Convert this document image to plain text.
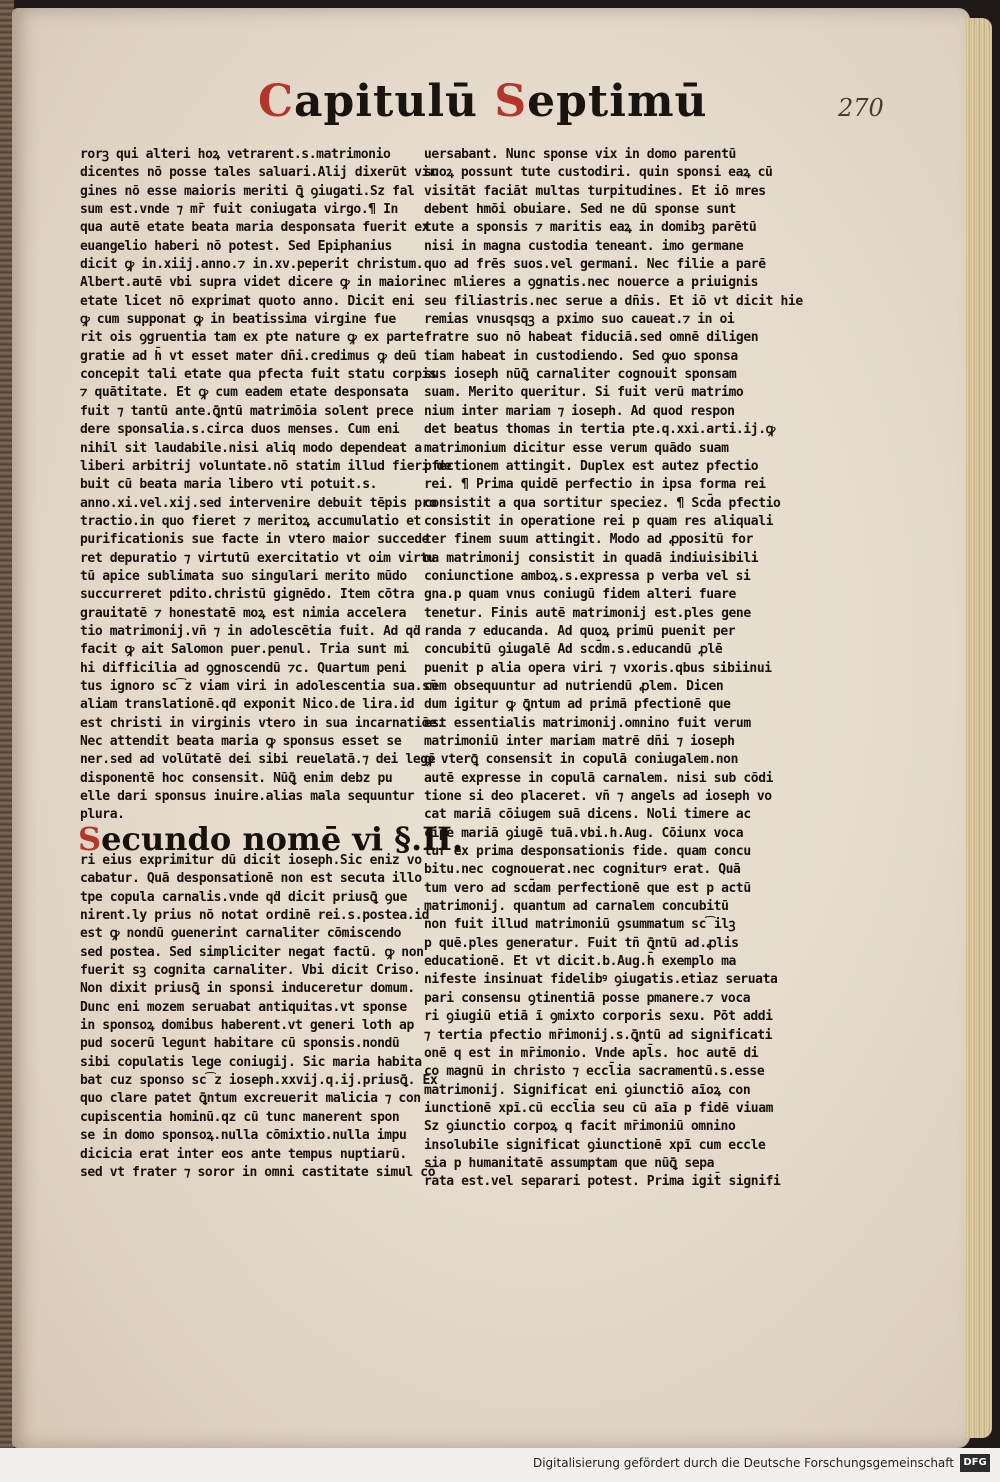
Capitulū Septimū	270
rorꝫ qui alteri hoꝝ vetrarent.s.matrimonio
dicentes nō posse tales saluari.Alij dixerūt vir
gines nō esse maioris meriti ꝗ̄ ꝯiugati.Sz fal
sum est.vnde ⁊ mr̄ fuit coniugata virgo.¶ In
qua autē etate beata maria desponsata fuerit ex
euangelio haberi nō potest. Sed Epiphanius
dicit ꝙ in.xiij.anno.⁊ in.xv.peperit christum.
Albert.autē vbi supra videt dicere ꝙ in maiori
etate licet nō exprimat quoto anno. Dicit eni
ꝙ cum supponat ꝙ in beatissima virgine fue
rit ois ꝯgruentia tam ex pte nature ꝙ ex parte
gratie ad h̄ vt esset mater dn̄i.credimus ꝙ deū
concepit tali etate qua pfecta fuit statu corpis
⁊ quātitate. Et ꝙ cum eadem etate desponsata
fuit ⁊ tantū ante.ꝗ̄ntū matrimōia solent prece
dere sponsalia.s.circa duos menses. Cum eni
nihil sit laudabile.nisi aliq modo dependeat a
liberi arbitrij voluntate.nō statim illud fieri de
buit cū beata maria libero vti potuit.s.
anno.xi.vel.xij.sed intervenire debuit tēpis pro
tractio.in quo fieret ⁊ meritoꝝ accumulatio et
purificationis sue facte in vtero maior succede
ret depuratio ⁊ virtutū exercitatio vt oim virtu
tū apice sublimata suo singulari merito mūdo
succurreret pdito.christū gignēdo. Item cōtra
grauitatē ⁊ honestatē moꝝ est nimia accelera
tio matrimonij.vn̄ ⁊ in adolescētia fuit. Ad qḋ
facit ꝙ ait Salomon puer.penul. Tria sunt mi
hi difficilia ad ꝯgnoscendū ⁊c. Quartum peni
tus ignoro sc͡z viam viri in adolescentia sua.sm̄
aliam translationē.qḋ exponit Nico.de lira.id
est christi in virginis vtero in sua incarnatiōe.
Nec attendit beata maria ꝙ sponsus esset se
ner.sed ad volūtatē dei sibi reuelatā.⁊ dei legē
disponentē hoc consensit. Nūꝗ̄ enim debz pu
elle dari sponsus inuire.alias mala sequuntur
plura.
Secundo nomē vi §.II.
ri eius exprimitur dū dicit ioseph.Sic eniz vo
cabatur. Quā desponsationē non est secuta illo
tpe copula carnalis.vnde qḋ dicit priusꝗ̄ ꝯue
nirent.ly prius nō notat ordinē rei.s.postea.id
est ꝙ nondū ꝯuenerint carnaliter cōmiscendo
sed postea. Sed simpliciter negat factū. ꝙ non
fuerit sꝫ cognita carnaliter. Vbi dicit Criso.
Non dixit priusꝗ̄ in sponsi induceretur domum.
Dunc eni mozem seruabat antiquitas.vt sponse
in sponsoꝝ domibus haberent.vt generi loth ap
pud socerū legunt habitare cū sponsis.nondū
sibi copulatis lege coniugij. Sic maria habita
bat cuz sponso sc͡z ioseph.xxvij.q.ij.priusꝗ̄. Ex
quo clare patet ꝗ̄ntum excreuerit malicia ⁊ con
cupiscentia hominū.qz cū tunc manerent spon
se in domo sponsoꝝ.nulla cōmixtio.nulla impu
dicicia erat inter eos ante tempus nuptiarū.
sed vt frater ⁊ soror in omni castitate simul cō
uersabant. Nunc sponse vix in domo parentū
suoꝝ possunt tute custodiri. quin sponsi eaꝝ cū
visitāt faciāt multas turpitudines. Et iō mres
debent hmōi obuiare. Sed ne dū sponse sunt
tute a sponsis ⁊ maritis eaꝝ in domibꝫ parētū
nisi in magna custodia teneant. imo germane
quo ad frēs suos.vel germani. Nec filie a parē
nec mlieres a ꝯgnatis.nec nouerce a priuignis
seu filiastris.nec serue a dn̄is. Et iō vt dicit hie
remias vnusqsqꝫ a pximo suo caueat.⁊ in oi
fratre suo nō habeat fiduciā.sed omnē diligen
tiam habeat in custodiendo. Sed ꝙuo sponsa
sus ioseph nūꝗ̄ carnaliter cognouit sponsam
suam. Merito queritur. Si fuit verū matrimo
nium inter mariam ⁊ ioseph. Ad quod respon
det beatus thomas in tertia pte.q.xxi.arti.ij.ꝙ
matrimonium dicitur esse verum quādo suam
pfectionem attingit. Duplex est autez pfectio
rei. ¶ Prima quidē perfectio in ipsa forma rei
consistit a qua sortitur speciez. ¶ Scd̄a pfectio
consistit in operatione rei p quam res aliquali
ter finem suum attingit. Modo ad ꝓpositū for
ma matrimonij consistit in quadā indiuisibili
coniunctione amboꝝ.s.expressa p verba vel si
gna.p quam vnus coniugū fidem alteri fuare
tenetur. Finis autē matrimonij est.ples gene
randa ⁊ educanda. Ad quoꝝ primū puenit per
concubitū ꝯiugalē Ad scd̄m.s.educandū ꝓlē
puenit p alia opera viri ⁊ vxoris.qbus sibiinui
cem obsequuntur ad nutriendū ꝓlem. Dicen
dum igitur ꝙ ꝗ̄ntum ad primā pfectionē que
est essentialis matrimonij.omnino fuit verum
matrimoniū inter mariam matrē dn̄i ⁊ ioseph
ꝙ vterꝗ̄ consensit in copulā coniugalem.non
autē expresse in copulā carnalem. nisi sub cōdi
tione si deo placeret. vn̄ ⁊ angels ad ioseph vo
cat mariā cōiugem suā dicens. Noli timere ac
cipe mariā ꝯiugē tuā.vbi.h.Aug. Cōiunx voca
tur ex prima desponsationis fide. quam concu
bitu.nec cognouerat.nec cogniturꝰ erat. Quā
tum vero ad scd̄am perfectionē que est p actū
matrimonij. quantum ad carnalem concubitū
non fuit illud matrimoniū ꝯsummatum sc͡ilꝫ
p quē.ples generatur. Fuit tn̄ ꝗ̄ntū ad.ꝓlis
educationē. Et vt dicit.b.Aug.h̄ exemplo ma
nifeste insinuat fidelibꝰ ꝯiugatis.etiaz seruata
pari consensu ꝯtinentiā posse pmanere.⁊ voca
ri ꝯiugiū etiā ī ꝯmixto corporis sexu. Pōt addi
⁊ tertia pfectio mr̄imonij.s.ꝗ̄ntū ad significati
onē q est in mr̄imonio. Vnde apl̄s. hoc autē di
co magnū in christo ⁊ eccl̄ia sacramentū.s.esse
matrimonij. Significat eni ꝯiunctiō aīoꝝ con
iunctionē xpī.cū eccl̄ia seu cū aīa p fidē viuam
Sz ꝯiunctio corpoꝝ q facit mr̄imoniū omnino
insolubile significat ꝯiunctionē xpī cum eccle
sia p humanitatē assumptam que nūꝗ̄ sepa
rata est.vel separari potest. Prima igit̄ signifi
Digitalisierung gefördert durch die Deutsche Forschungsgemeinschaft DFG
